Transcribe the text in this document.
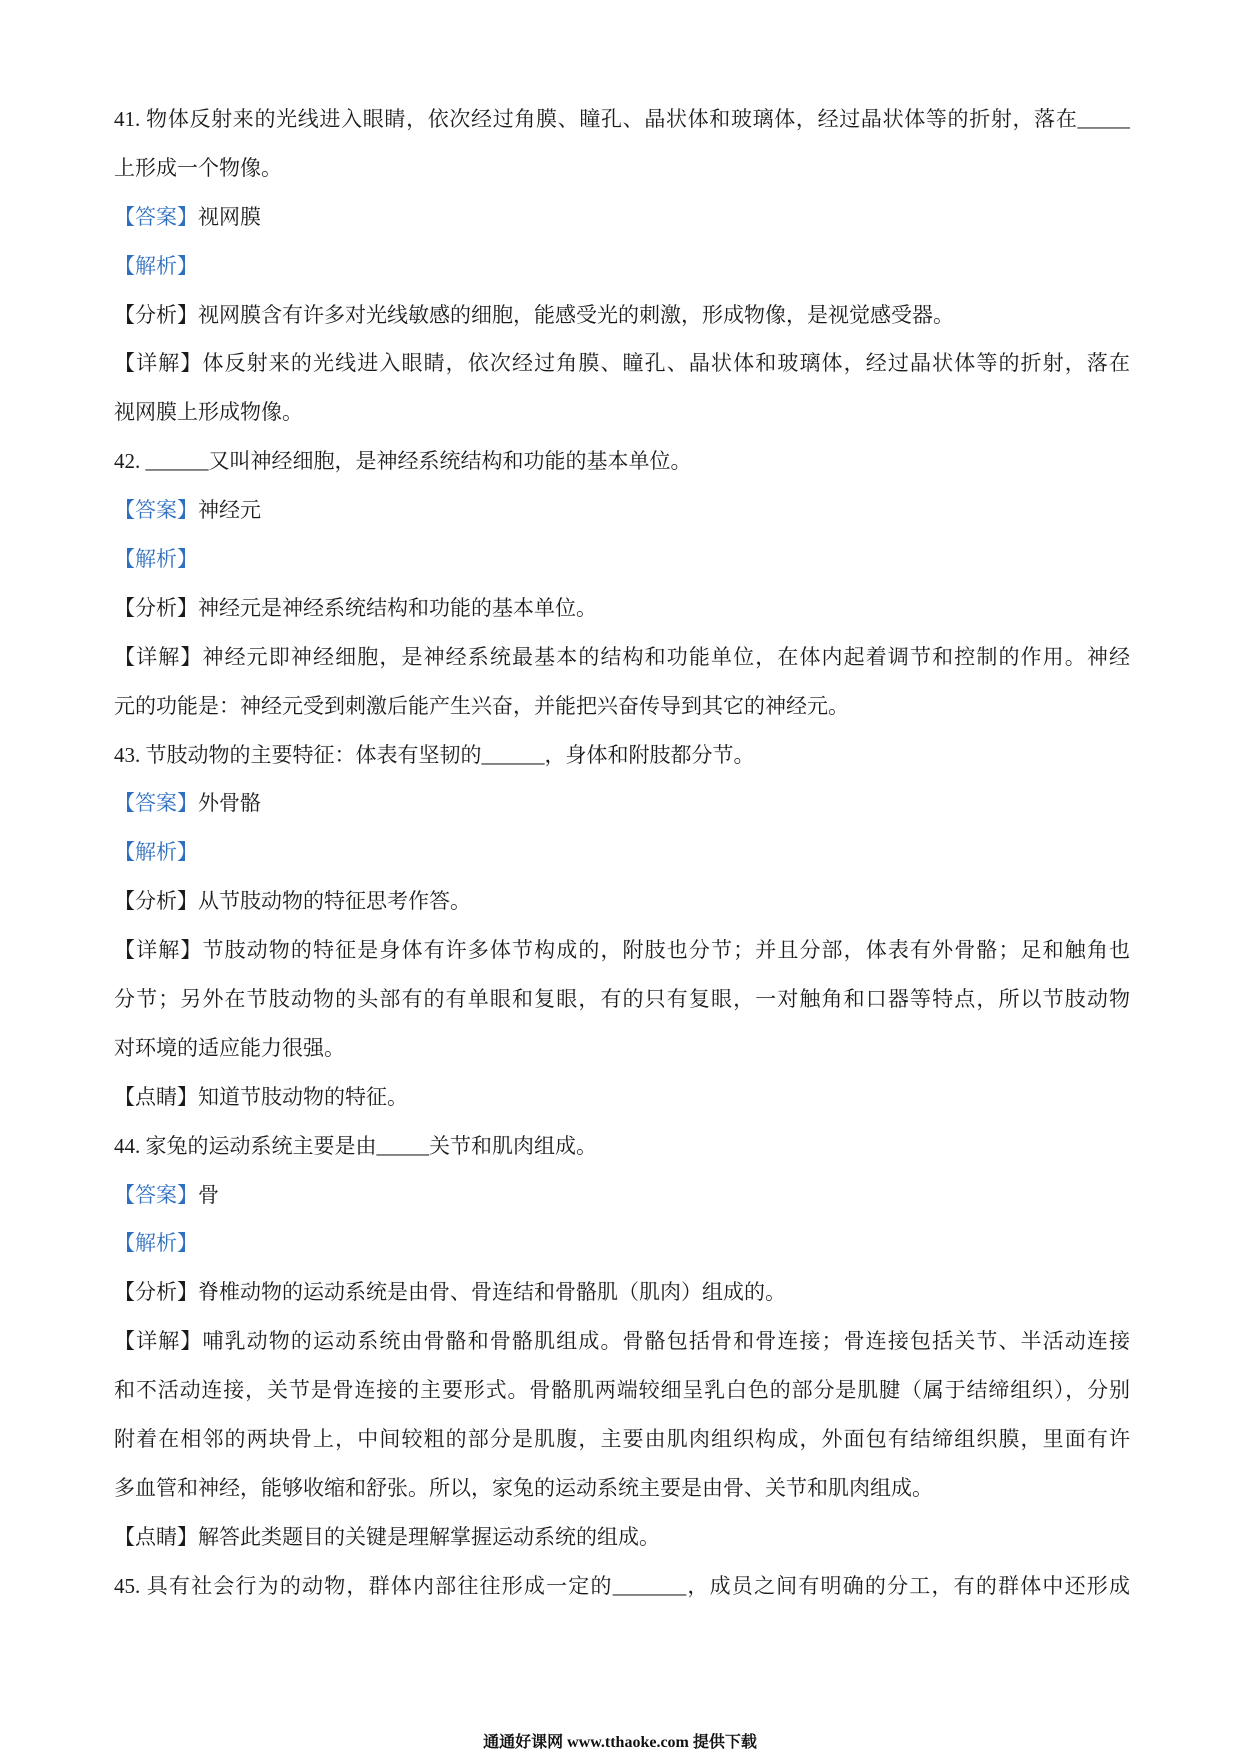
41. 物体反射来的光线进入眼睛，依次经过角膜、瞳孔、晶状体和玻璃体，经过晶状体等的折射，落在_____
上形成一个物像。
【答案】视网膜
【解析】
【分析】视网膜含有许多对光线敏感的细胞，能感受光的刺激，形成物像，是视觉感受器。
【详解】体反射来的光线进入眼睛，依次经过角膜、瞳孔、晶状体和玻璃体，经过晶状体等的折射，落在
视网膜上形成物像。
42. ______又叫神经细胞，是神经系统结构和功能的基本单位。
【答案】神经元
【解析】
【分析】神经元是神经系统结构和功能的基本单位。
【详解】神经元即神经细胞，是神经系统最基本的结构和功能单位，在体内起着调节和控制的作用。神经
元的功能是：神经元受到刺激后能产生兴奋，并能把兴奋传导到其它的神经元。
43. 节肢动物的主要特征：体表有坚韧的______，身体和附肢都分节。
【答案】外骨骼
【解析】
【分析】从节肢动物的特征思考作答。
【详解】节肢动物的特征是身体有许多体节构成的，附肢也分节；并且分部，体表有外骨骼；足和触角也
分节；另外在节肢动物的头部有的有单眼和复眼，有的只有复眼，一对触角和口器等特点，所以节肢动物
对环境的适应能力很强。
【点睛】知道节肢动物的特征。
44. 家兔的运动系统主要是由_____关节和肌肉组成。
【答案】骨
【解析】
【分析】脊椎动物的运动系统是由骨、骨连结和骨骼肌（肌肉）组成的。
【详解】哺乳动物的运动系统由骨骼和骨骼肌组成。骨骼包括骨和骨连接；骨连接包括关节、半活动连接
和不活动连接，关节是骨连接的主要形式。骨骼肌两端较细呈乳白色的部分是肌腱（属于结缔组织），分别
附着在相邻的两块骨上，中间较粗的部分是肌腹，主要由肌肉组织构成，外面包有结缔组织膜，里面有许
多血管和神经，能够收缩和舒张。所以，家兔的运动系统主要是由骨、关节和肌肉组成。
【点睛】解答此类题目的关键是理解掌握运动系统的组成。
45. 具有社会行为的动物，群体内部往往形成一定的_______，成员之间有明确的分工，有的群体中还形成
通通好课网 www.tthaoke.com 提供下载
